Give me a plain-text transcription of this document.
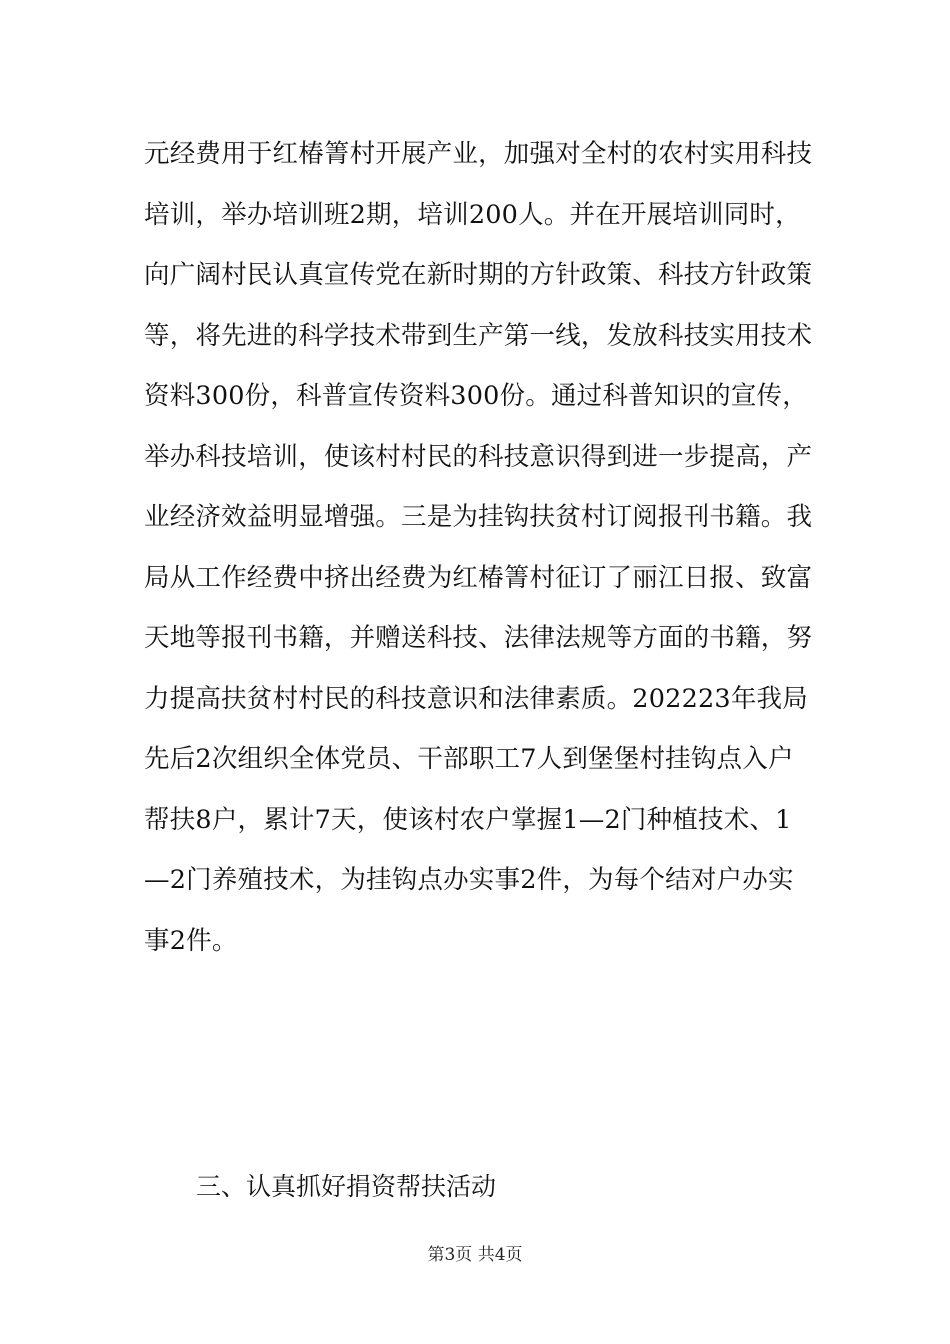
元经费用于红椿箐村开展产业，加强对全村的农村实用科技
培训，举办培训班2期，培训200人。并在开展培训同时，
向广阔村民认真宣传党在新时期的方针政策、科技方针政策
等，将先进的科学技术带到生产第一线，发放科技实用技术
资料300份，科普宣传资料300份。通过科普知识的宣传，
举办科技培训，使该村村民的科技意识得到进一步提高，产
业经济效益明显增强。三是为挂钩扶贫村订阅报刊书籍。我
局从工作经费中挤出经费为红椿箐村征订了丽江日报、致富
天地等报刊书籍，并赠送科技、法律法规等方面的书籍，努
力提高扶贫村村民的科技意识和法律素质。202223年我局
先后2次组织全体党员、干部职工7人到堡堡村挂钩点入户
帮扶8户，累计7天，使该村农户掌握1—2门种植技术、1
—2门养殖技术，为挂钩点办实事2件，为每个结对户办实
事2件。
三、认真抓好捐资帮扶活动
第3页 共4页
